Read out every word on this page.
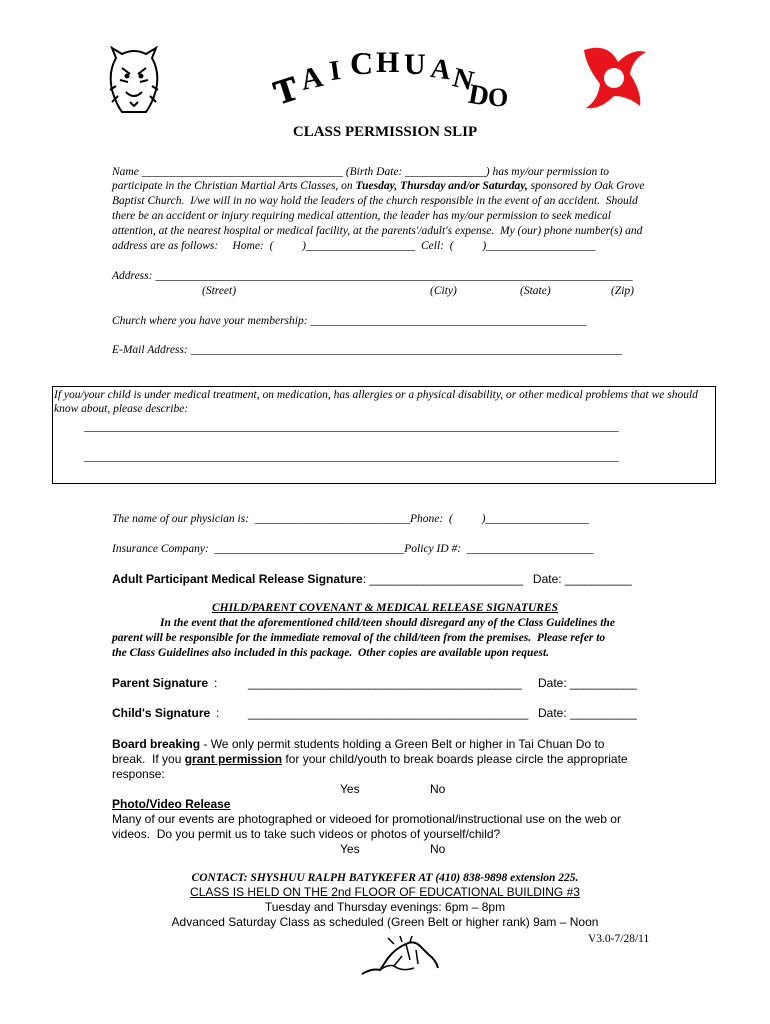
T
A I C H U A
N
D
O
CLASS PERMISSION SLIP
Name ___________________________________ (Birth Date: ______________) has my/our permission to
participate in the Christian Martial Arts Classes, on Tuesday, Thursday and/or Saturday, sponsored by Oak Grove
Baptist Church.  I/we will in no way hold the leaders of the church responsible in the event of an accident.  Should
there be an accident or injury requiring medical attention, the leader has my/our permission to seek medical
attention, at the nearest hospital or medical facility, at the parents'/adult's expense.  My (our) phone number(s) and
address are as follows:     Home:  (          )___________________  Cell:  (          )___________________
Address: ___________________________________________________________________________________
(Street)	(City)	(State)	(Zip)
Church where you have your membership: ________________________________________________
E-Mail Address: ___________________________________________________________________________
If you/your child is under medical treatment, on medication, has allergies or a physical disability, or other medical problems that we should know about, please describe:
_____________________________________________________________________________________________
_____________________________________________________________________________________________
The name of our physician is:  ___________________________Phone:  (          )__________________
Insurance Company:  _________________________________Policy ID #:  ______________________
Adult Participant Medical Release Signature: _______________________   Date: __________
CHILD/PARENT COVENANT & MEDICAL RELEASE SIGNATURES
In the event that the aforementioned child/teen should disregard any of the Class Guidelines the
parent will be responsible for the immediate removal of the child/teen from the premises.  Please refer to
the Class Guidelines also included in this package.  Other copies are available upon request.
Parent Signature :	_________________________________________ Date: __________
Child's Signature : __________________________________________ Date: __________
Board breaking - We only permit students holding a Green Belt or higher in Tai Chuan Do to
break.  If you grant permission for your child/youth to break boards please circle the appropriate
response:
Yes	No
Photo/Video Release
Many of our events are photographed or videoed for promotional/instructional use on the web or
videos.  Do you permit us to take such videos or photos of yourself/child?
Yes	No
CONTACT: SHYSHUU RALPH BATYKEFER AT (410) 838-9898 extension 225.
CLASS IS HELD ON THE 2nd FLOOR OF EDUCATIONAL BUILDING #3
Tuesday and Thursday evenings: 6pm – 8pm
Advanced Saturday Class as scheduled (Green Belt or higher rank) 9am – Noon
V3.0-7/28/11
